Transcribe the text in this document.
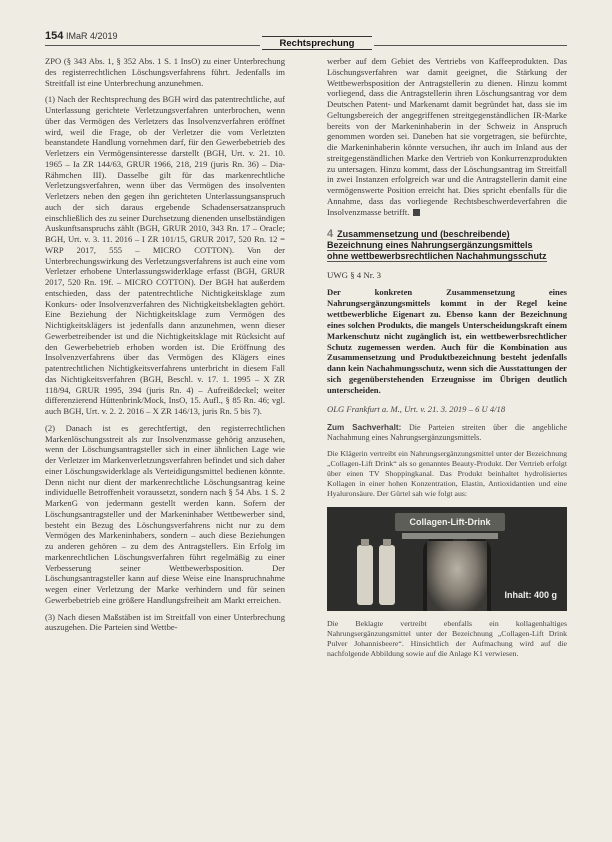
154 IMaR 4/2019
Rechtsprechung

ZPO (§ 343 Abs. 1, § 352 Abs. 1 S. 1 InsO) zu einer Unterbrechung des registerrechtlichen Löschungsverfahrens führt. Jedenfalls im Streitfall ist eine Unterbrechung anzunehmen.

(1) Nach der Rechtsprechung des BGH wird das patentrechtliche, auf Unterlassung gerichtete Verletzungsverfahren unterbrochen, wenn über das Vermögen des Verletzers das Insolvenzverfahren eröffnet wird, weil die Frage, ob der Verletzer die vom Verletzten beanstandete Handlung vornehmen darf, für den Gewerbebetrieb des Verletzers ein Vermögensinteresse darstellt (BGH, Urt. v. 21. 10. 1965 – Ia ZR 144/63, GRUR 1966, 218, 219 (juris Rn. 36) – Dia-Rähmchen III). Dasselbe gilt für das markenrechtliche Verletzungsverfahren, wenn über das Vermögen des insolventen Verletzers neben den gegen ihn gerichteten Unterlassungsanspruch auch der sich daraus ergebende Schadensersatzanspruch einschließlich des zu seiner Durchsetzung dienenden unselbständigen Auskunftsanspruchs zählt (BGH, GRUR 2010, 343 Rn. 17 – Oracle; BGH, Urt. v. 3. 11. 2016 – I ZR 101/15, GRUR 2017, 520 Rn. 12 = WRP 2017, 555 – MICRO COTTON). Von der Unterbrechungswirkung des Verletzungsverfahrens ist auch eine vom Verletzer erhobene Unterlassungswiderklage erfasst (BGH, GRUR 2017, 520 Rn. 19f. – MICRO COTTON). Der BGH hat außerdem entschieden, dass der patentrechtliche Nichtigkeitsklage zum Konkurs- oder Insolvenzverfahren des Nichtigkeitsbeklagten gehört. Eine Beziehung der Nichtigkeitsklage zum Vermögen des Nichtigkeitsklägers ist jedenfalls dann anzunehmen, wenn dieser Gewerbetreibender ist und die Nichtigkeitsklage mit Rücksicht auf den Gewerbebetrieb erhoben worden ist. Die Eröffnung des Insolvenzverfahrens über das Vermögen des Klägers eines patentrechtlichen Nichtigkeitsverfahrens unterbricht in diesem Fall das Nichtigkeitsverfahren (BGH, Beschl. v. 17. 1. 1995 – X ZR 118/94, GRUR 1995, 394 (juris Rn. 4) – Aufreißdeckel; weiter differenzierend Hüttenbrink/Mock, InsO, 15. Aufl., § 85 Rn. 46; vgl. auch BGH, Urt. v. 2. 2. 2016 – X ZR 146/13, juris Rn. 5 bis 7).

(2) Danach ist es gerechtfertigt, den registerrechtlichen Markenlöschungsstreit als zur Insolvenzmasse gehörig anzusehen, wenn der Löschungsantragsteller sich in einer ähnlichen Lage wie der Verletzer im Markenverletzungsverfahren befindet und sich daher einer Löschungswiderklage als Verteidigungsmittel bedienen könnte. Denn nicht nur dient der markenrechtliche Löschungsantrag keine individuelle Betroffenheit voraussetzt, sondern nach § 54 Abs. 1 S. 2 MarkenG von jedermann gestellt werden kann. Sofern der Löschungsantragsteller und der Markeninhaber Wettbewerber sind, besteht ein Bezug des Löschungsverfahrens nicht nur zu dem Vermögen des Markeninhabers, sondern – auch diese Beziehungen zu anderen gehören – zu dem des Antragstellers. Ein Erfolg im markenrechtlichen Löschungsverfahren führt regelmäßig zu einer Verbesserung seiner Wettbewerbsposition. Der Löschungsantragsteller kann auf diese Weise eine Inanspruchnahme wegen einer Verletzung der Marke verhindern und für seinen Gewerbebetrieb eine größere Handlungsfreiheit am Markt erreichen.

(3) Nach diesen Maßstäben ist im Streitfall von einer Unterbrechung auszugehen. Die Parteien sind Wettbe-

werber auf dem Gebiet des Vertriebs von Kaffeeprodukten. Das Löschungsverfahren war damit geeignet, die Stärkung der Wettbewerbsposition der Antragstellerin zu dienen. Hinzu kommt vorliegend, dass die Antragstellerin ihren Löschungsantrag vor dem Deutschen Patent- und Markenamt damit begründet hat, dass sie im Geltungsbereich der angegriffenen streitgegenständlichen IR-Marke bereits von der Markeninhaberin in der Schweiz in Anspruch genommen worden sei. Daneben hat sie vorgetragen, sie befürchte, die Markeninhaberin könnte versuchen, ihr auch im Inland aus der streitgegenständlichen Marke den Vertrieb von Konkurrenzprodukten zu untersagen. Hinzu kommt, dass der Löschungsantrag im Streitfall in zwei Instanzen erfolgreich war und die Antragstellerin damit eine vermögenswerte Position erreicht hat. Dies spricht ebenfalls für die Annahme, dass das vorliegende Rechtsbeschwerdeverfahren die Insolvenzmasse betrifft.

4 Zusammensetzung und (beschreibende)
Bezeichnung eines Nahrungsergänzungsmittels
ohne wettbewerbsrechtlichen Nachahmungsschutz
UWG § 4 Nr. 3

Der konkreten Zusammensetzung eines Nahrungsergänzungsmittels kommt in der Regel keine wettbewerbliche Eigenart zu. Ebenso kann der Bezeichnung eines solchen Produkts, die mangels Unterscheidungskraft einem Markenschutz nicht zugänglich ist, ein wettbewerbsrechtlicher Schutz zugemessen werden. Auch für die Kombination aus Zusammensetzung und Produktbezeichnung besteht jedenfalls dann kein Nachahmungsschutz, wenn sich die Ausstattungen der sich gegenüberstehenden Erzeugnisse im Übrigen deutlich unterscheiden.

OLG Frankfurt a. M., Urt. v. 21. 3. 2019 – 6 U 4/18

Zum Sachverhalt: Die Parteien streiten über die angebliche Nachahmung eines Nahrungsergänzungsmittels.

Die Klägerin vertreibt ein Nahrungsergänzungsmittel unter der Bezeichnung „Collagen-Lift Drink“ als so genanntes Beauty-Produkt. Der Vertrieb erfolgt über einen TV Shoppingkanal. Das Produkt beinhaltet hydrolisiertes Kollagen in einer hohen Konzentration, Elastin, Antioxidantien und eine Hyaluronsäure. Der Gürtel sah wie folgt aus:

Collagen-Lift-Drink
Inhalt: 400 g

Die Beklagte vertreibt ebenfalls ein kollagenhaltiges Nahrungsergänzungsmittel unter der Bezeichnung „Collagen-Lift Drink Pulver Johannisbeere“. Hinsichtlich der Aufmachung wird auf die nachfolgende Abbildung sowie auf die Anlage K1 verwiesen.
